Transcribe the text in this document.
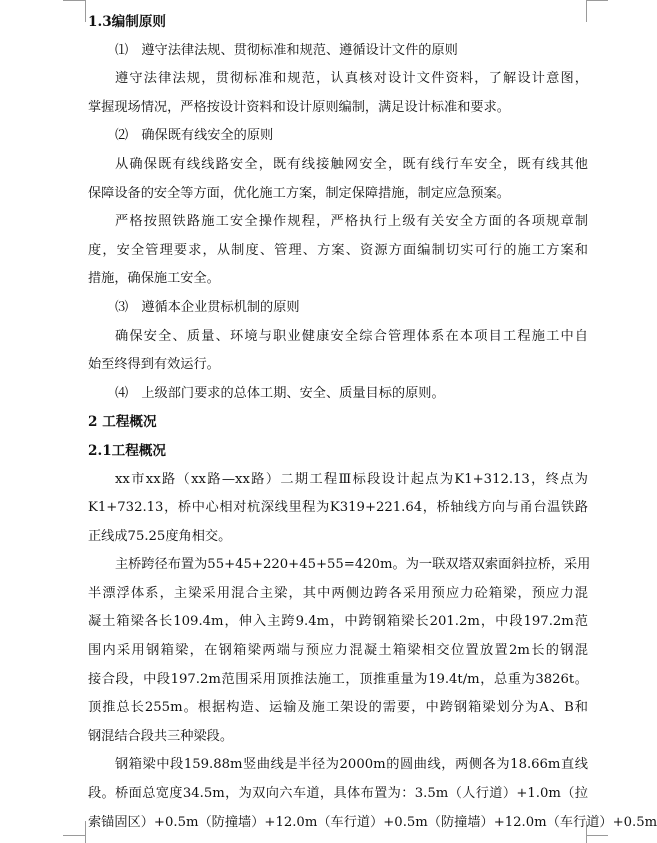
1.3编制原则
⑴　遵守法律法规、贯彻标准和规范、遵循设计文件的原则
遵守法律法规，贯彻标准和规范，认真核对设计文件资料，了解设计意图，
掌握现场情况，严格按设计资料和设计原则编制，满足设计标准和要求。
⑵　确保既有线安全的原则
从确保既有线线路安全，既有线接触网安全，既有线行车安全，既有线其他
保障设备的安全等方面，优化施工方案，制定保障措施，制定应急预案。
严格按照铁路施工安全操作规程，严格执行上级有关安全方面的各项规章制
度，安全管理要求，从制度、管理、方案、资源方面编制切实可行的施工方案和
措施，确保施工安全。
⑶　遵循本企业贯标机制的原则
确保安全、质量、环境与职业健康安全综合管理体系在本项目工程施工中自
始至终得到有效运行。
⑷　上级部门要求的总体工期、安全、质量目标的原则。
2 工程概况
2.1工程概况
xx市xx路（xx路—xx路）二期工程Ⅲ标段设计起点为K1+312.13，终点为
K1+732.13，桥中心相对杭深线里程为K319+221.64，桥轴线方向与甬台温铁路
正线成75.25度角相交。
主桥跨径布置为55+45+220+45+55=420m。为一联双塔双索面斜拉桥，采用
半漂浮体系，主梁采用混合主梁，其中两侧边跨各采用预应力砼箱梁，预应力混
凝土箱梁各长109.4m，伸入主跨9.4m，中跨钢箱梁长201.2m，中段197.2m范
围内采用钢箱梁，在钢箱梁两端与预应力混凝土箱梁相交位置放置2m长的钢混
接合段，中段197.2m范围采用顶推法施工，顶推重量为19.4t/m，总重为3826t。
顶推总长255m。根据构造、运输及施工架设的需要，中跨钢箱梁划分为A、B和
钢混结合段共三种梁段。
钢箱梁中段159.88m竖曲线是半径为2000m的圆曲线，两侧各为18.66m直线
段。桥面总宽度34.5m，为双向六车道，具体布置为：3.5m（人行道）+1.0m（拉
索锚固区）+0.5m（防撞墙）+12.0m（车行道）+0.5m（防撞墙）+12.0m（车行道）+0.5m
